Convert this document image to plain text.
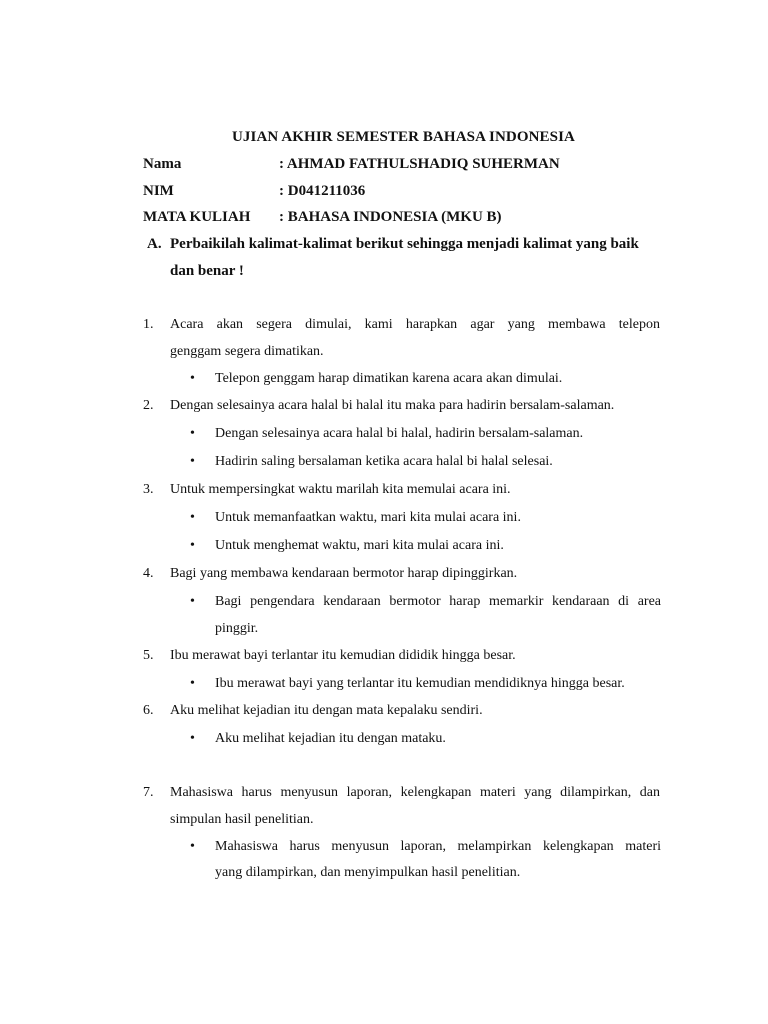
UJIAN AKHIR SEMESTER BAHASA INDONESIA
Nama	: AHMAD FATHULSHADIQ SUHERMAN
NIM	: D041211036
MATA KULIAH : BAHASA INDONESIA (MKU B)
A. Perbaikilah kalimat-kalimat berikut sehingga menjadi kalimat yang baik
dan benar !
1. Acara akan segera dimulai, kami harapkan agar yang membawa telepon
genggam segera dimatikan.
• Telepon genggam harap dimatikan karena acara akan dimulai.
2. Dengan selesainya acara halal bi halal itu maka para hadirin bersalam-salaman.
• Dengan selesainya acara halal bi halal, hadirin bersalam-salaman.
• Hadirin saling bersalaman ketika acara halal bi halal selesai.
3. Untuk mempersingkat waktu marilah kita memulai acara ini.
• Untuk memanfaatkan waktu, mari kita mulai acara ini.
• Untuk menghemat waktu, mari kita mulai acara ini.
4. Bagi yang membawa kendaraan bermotor harap dipinggirkan.
• Bagi pengendara kendaraan bermotor harap memarkir kendaraan di area
pinggir.
5. Ibu merawat bayi terlantar itu kemudian dididik hingga besar.
• Ibu merawat bayi yang terlantar itu kemudian mendidiknya hingga besar.
6. Aku melihat kejadian itu dengan mata kepalaku sendiri.
• Aku melihat kejadian itu dengan mataku.
7. Mahasiswa harus menyusun laporan, kelengkapan materi yang dilampirkan, dan
simpulan hasil penelitian.
• Mahasiswa harus menyusun laporan, melampirkan kelengkapan materi
yang dilampirkan, dan menyimpulkan hasil penelitian.
